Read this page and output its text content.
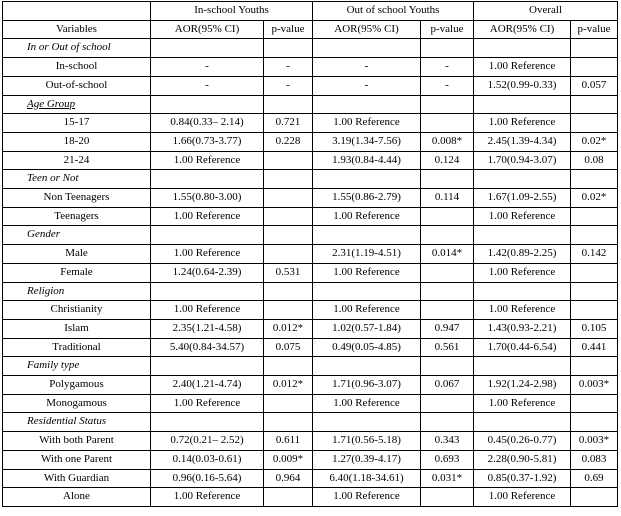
	In-school Youths		Out of school Youths		Overall	
Variables	AOR(95% CI)	p-value	AOR(95% CI)	p-value	AOR(95% CI)	p-value
In or Out of school						
In-school	-	-	-	-	1.00 Reference	
Out-of-school	-	-	-	-	1.52(0.99-0.33)	0.057
Age Group						
15-17	0.84(0.33– 2.14)	0.721	1.00 Reference		1.00 Reference	
18-20	1.66(0.73-3.77)	0.228	3.19(1.34-7.56)	0.008*	2.45(1.39-4.34)	0.02*
21-24	1.00 Reference		1.93(0.84-4.44)	0.124	1.70(0.94-3.07)	0.08
Teen or Not						
Non Teenagers	1.55(0.80-3.00)		1.55(0.86-2.79)	0.114	1.67(1.09-2.55)	0.02*
Teenagers	1.00 Reference		1.00 Reference		1.00 Reference	
Gender						
Male	1.00 Reference		2.31(1.19-4.51)	0.014*	1.42(0.89-2.25)	0.142
Female	1.24(0.64-2.39)	0.531	1.00 Reference		1.00 Reference	
Religion						
Christianity	1.00 Reference		1.00 Reference		1.00 Reference	
Islam	2.35(1.21-4.58)	0.012*	1.02(0.57-1.84)	0.947	1.43(0.93-2.21)	0.105
Traditional	5.40(0.84-34.57)	0.075	0.49(0.05-4.85)	0.561	1.70(0.44-6.54)	0.441
Family type						
Polygamous	2.40(1.21-4.74)	0.012*	1.71(0.96-3.07)	0.067	1.92(1.24-2.98)	0.003*
Monogamous	1.00 Reference		1.00 Reference		1.00 Reference	
Residential Status						
With both Parent	0.72(0.21– 2.52)	0.611	1.71(0.56-5.18)	0.343	0.45(0.26-0.77)	0.003*
With one Parent	0.14(0.03-0.61)	0.009*	1.27(0.39-4.17)	0.693	2.28(0.90-5.81)	0.083
With Guardian	0.96(0.16-5.64)	0.964	6.40(1.18-34.61)	0.031*	0.85(0.37-1.92)	0.69
Alone	1.00 Reference		1.00 Reference		1.00 Reference	
